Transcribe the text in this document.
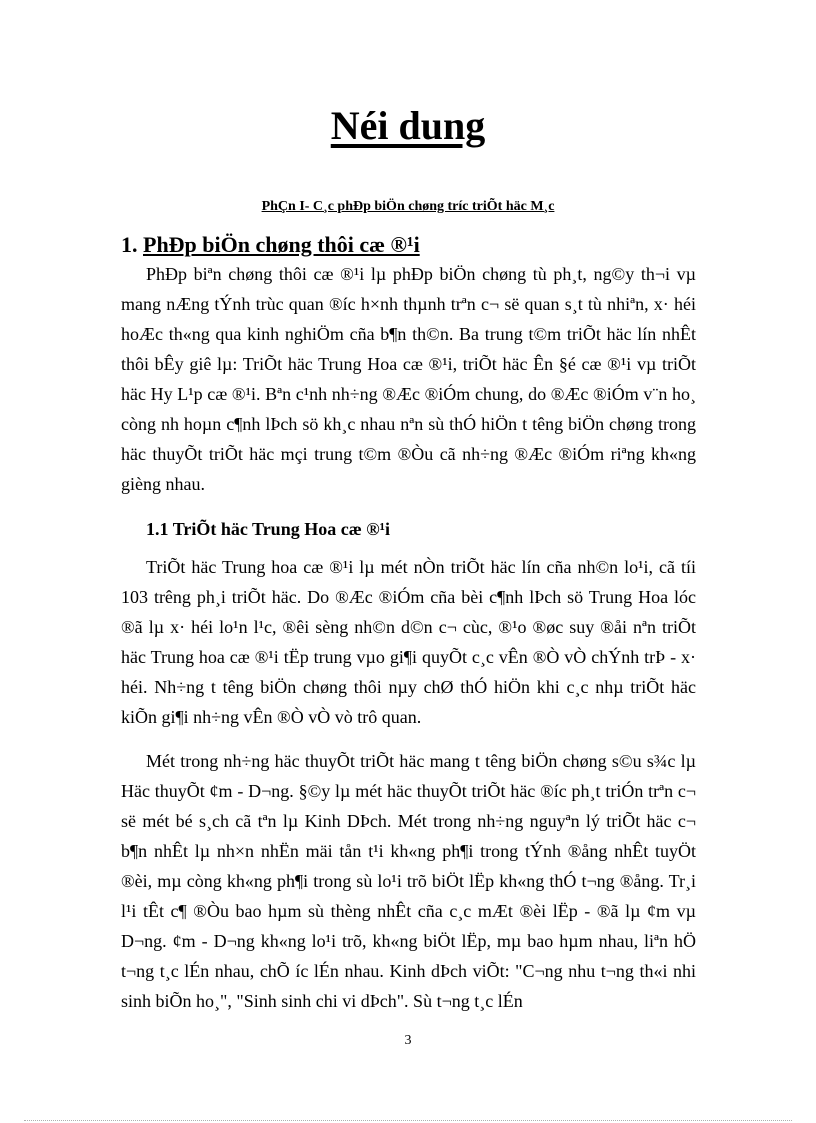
Néi dung

PhÇn I- C¸c phÐp biÖn chøng tríc triÕt häc M¸c

1. PhÐp biÖn chøng thôi cæ ®¹i

PhÐp biªn chøng thôi cæ ®¹i lµ phÐp biÖn chøng tù ph¸t, ng©y th¬i vµ mang nÆng tÝnh trùc quan ®íc h×nh thµnh trªn c¬ së quan s¸t tù nhiªn, x· héi hoÆc th«ng qua kinh nghiÖm cña b¶n th©n. Ba trung t©m triÕt häc lín nhÊt thôi bÊy giê lµ: TriÕt häc Trung Hoa cæ ®¹i, triÕt häc Ên §é cæ ®¹i vµ triÕt häc Hy L¹p cæ ®¹i. Bªn c¹nh nh÷ng ®Æc ®iÓm chung, do ®Æc ®iÓm v¨n ho¸ còng nh hoµn c¶nh lÞch sö kh¸c nhau nªn sù thÓ hiÖn t têng biÖn chøng trong häc thuyÕt triÕt häc mçi trung t©m ®Òu cã nh÷ng ®Æc ®iÓm riªng kh«ng gièng nhau.

1.1 TriÕt häc Trung Hoa cæ ®¹i

TriÕt häc Trung hoa cæ ®¹i lµ mét nÒn triÕt häc lín cña nh©n lo¹i, cã tíi 103 trêng ph¸i triÕt häc. Do ®Æc ®iÓm cña bèi c¶nh lÞch sö Trung Hoa lóc ®ã lµ x· héi lo¹n l¹c, ®êi sèng nh©n d©n c¬ cùc, ®¹o ®øc suy ®åi nªn triÕt häc Trung hoa cæ ®¹i tËp trung vµo gi¶i quyÕt c¸c vÊn ®Ò vÒ chÝnh trÞ - x· héi. Nh÷ng t têng biÖn chøng thôi nµy chØ thÓ hiÖn khi c¸c nhµ triÕt häc kiÕn gi¶i nh÷ng vÊn ®Ò vÒ vò trô quan.

Mét trong nh÷ng häc thuyÕt triÕt häc mang t têng biÖn chøng s©u s¾c lµ Häc thuyÕt ¢m - D¬ng. §©y lµ mét häc thuyÕt triÕt häc ®íc ph¸t triÓn trªn c¬ së mét bé s¸ch cã tªn lµ Kinh DÞch. Mét trong nh÷ng nguyªn lý triÕt häc c¬ b¶n nhÊt lµ nh×n nhËn mäi tån t¹i kh«ng ph¶i trong tÝnh ®ång nhÊt tuyÖt ®èi, mµ còng kh«ng ph¶i trong sù lo¹i trõ biÖt lËp kh«ng thÓ t¬ng ®ång. Tr¸i l¹i tÊt c¶ ®Òu bao hµm sù thèng nhÊt cña c¸c mÆt ®èi lËp - ®ã lµ ¢m vµ D¬ng. ¢m - D¬ng kh«ng lo¹i trõ, kh«ng biÖt lËp, mµ bao hµm nhau, liªn hÖ t¬ng t¸c lÉn nhau, chÕ íc lÉn nhau. Kinh dÞch viÕt: "C¬ng nhu t¬ng th«i nhi sinh biÕn ho¸", "Sinh sinh chi vi dÞch". Sù t¬ng t¸c lÉn

3
